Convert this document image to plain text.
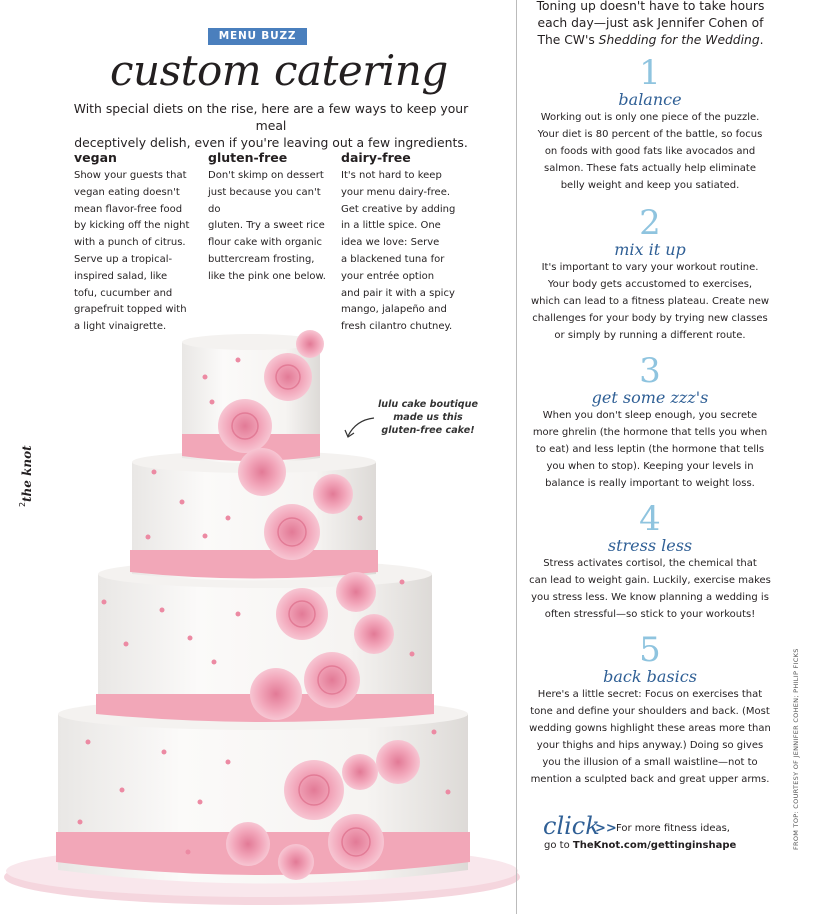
MENU BUZZ
custom catering
With special diets on the rise, here are a few ways to keep your meal
deceptively delish, even if you're leaving out a few ingredients.
vegan
Show your guests that
vegan eating doesn't
mean flavor-free food
by kicking off the night
with a punch of citrus.
Serve up a tropical-
inspired salad, like
tofu, cucumber and
grapefruit topped with
a light vinaigrette.
gluten-free
Don't skimp on dessert
just because you can't do
gluten. Try a sweet rice
flour cake with organic
buttercream frosting,
like the pink one below.
dairy-free
It's not hard to keep
your menu dairy-free.
Get creative by adding
in a little spice. One
idea we love: Serve
a blackened tuna for
your entrée option
and pair it with a spicy
mango, jalapeño and
fresh cilantro chutney.
lulu cake boutique
made us this
gluten-free cake!
the knot
2
Toning up doesn't have to take hours
each day—just ask Jennifer Cohen of
The CW's Shedding for the Wedding.
1
balance
Working out is only one piece of the puzzle.
Your diet is 80 percent of the battle, so focus
on foods with good fats like avocados and
salmon. These fats actually help eliminate
belly weight and keep you satiated.
2
mix it up
It's important to vary your workout routine.
Your body gets accustomed to exercises,
which can lead to a fitness plateau. Create new
challenges for your body by trying new classes
or simply by running a different route.
3
get some zzz's
When you don't sleep enough, you secrete
more ghrelin (the hormone that tells you when
to eat) and less leptin (the hormone that tells
you when to stop). Keeping your levels in
balance is really important to weight loss.
4
stress less
Stress activates cortisol, the chemical that
can lead to weight gain. Luckily, exercise makes
you stress less. We know planning a wedding is
often stressful—so stick to your workouts!
5
back basics
Here's a little secret: Focus on exercises that
tone and define your shoulders and back. (Most
wedding gowns highlight these areas more than
your thighs and hips anyway.) Doing so gives
you the illusion of a small waistline—not to
mention a sculpted back and great upper arms.
click
>> For more fitness ideas,
go to TheKnot.com/gettinginshape	FROM TOP: COURTESY OF JENNIFER COHEN; PHILIP FICKS
